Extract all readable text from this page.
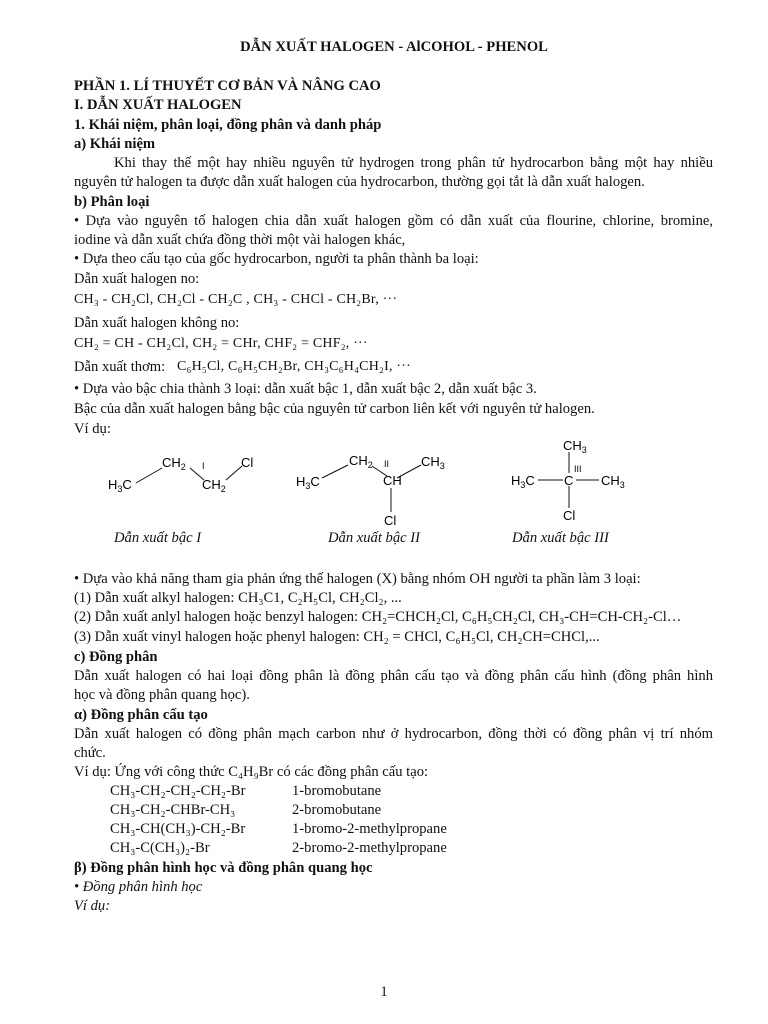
DẪN XUẤT HALOGEN - AlCOHOL - PHENOL
PHẦN 1. LÍ THUYẾT CƠ BẢN VÀ NÂNG CAO
I. DẪN XUẤT HALOGEN
1. Khái niệm, phân loại, đồng phân và danh pháp
a) Khái niệm
Khi thay thế một hay nhiều nguyên tử hydrogen trong phân tử hydrocarbon bằng một hay nhiều
nguyên tử halogen ta được dẫn xuất halogen của hydrocarbon, thường gọi tắt là dẫn xuất halogen.
b) Phân loại
• Dựa vào nguyên tố halogen chia dẫn xuất halogen gồm có dẫn xuất của flourine, chlorine, bromine,
iodine và dẫn xuất chứa đồng thời một vài halogen khác,
• Dựa theo cấu tạo của gốc hydrocarbon, người ta phân thành ba loại:
Dẫn xuất halogen no:
CH₃ - CH₂Cl, CH₂Cl - CH₂C , CH₃ - CHCl - CH₂Br, ···
Dẫn xuất halogen không no:
CH₂ = CH - CH₂Cl, CH₂ = CHr, CHF₂ = CHF₂, ···
Dẫn xuất thơm: C₆H₅Cl, C₆H₅CH₂Br, CH₃C₆H₄CH₂I, ···
• Dựa vào bậc chia thành 3 loại: dẫn xuất bậc 1, dẫn xuất bậc 2, dẫn xuất bậc 3.
Bậc của dẫn xuất halogen bằng bậc của nguyên tử carbon liên kết với nguyên tử halogen.
Ví dụ:
$H_3C$
$CH_2$ I
$CH_2$
Cl
$H_3C$
$CH_2$ II
CH
$CH_3$
Cl
$H_3C$
$CH_3$
III
C $CH_3$
Cl
Dẫn xuất bậc I	Dẫn xuất bậc II	Dẫn xuất bậc III
• Dựa vào khả năng tham gia phản ứng thế halogen (X) bằng nhóm OH người ta phần làm 3 loại:
(1) Dẫn xuất alkyl halogen: CH₃C1, C₂H₅Cl, CH₂Cl₂, ...
(2) Dẫn xuất anlyl halogen hoặc benzyl halogen: CH₂=CHCH₂Cl, C₆H₅CH₂Cl, CH₃-CH=CH-CH₂-Cl…
(3) Dẫn xuất vinyl halogen hoặc phenyl halogen: CH₂ = CHCl, C₆H₅Cl, CH₂CH=CHCl,...
c) Đồng phân
Dẫn xuất halogen có hai loại đồng phân là đồng phân cấu tạo và đồng phân cấu hình (đồng phân hình
học và đồng phân quang học).
α) Đồng phân cấu tạo
Dẫn xuất halogen có đồng phân mạch carbon như ở hydrocarbon, đồng thời có đồng phân vị trí nhóm
chức.
Ví dụ: Ứng với công thức C₄H₉Br có các đồng phân cấu tạo:
CH₃-CH₂-CH₂-CH₂-Br	1-bromobutane
CH₃-CH₂-CHBr-CH₃	2-bromobutane
CH₃-CH(CH₃)-CH₂-Br	1-bromo-2-methylpropane
CH₃-C(CH₃)₂-Br	2-bromo-2-methylpropane
β) Đồng phân hình học và đồng phân quang học
• Đồng phân hình học
Ví dụ:
1
